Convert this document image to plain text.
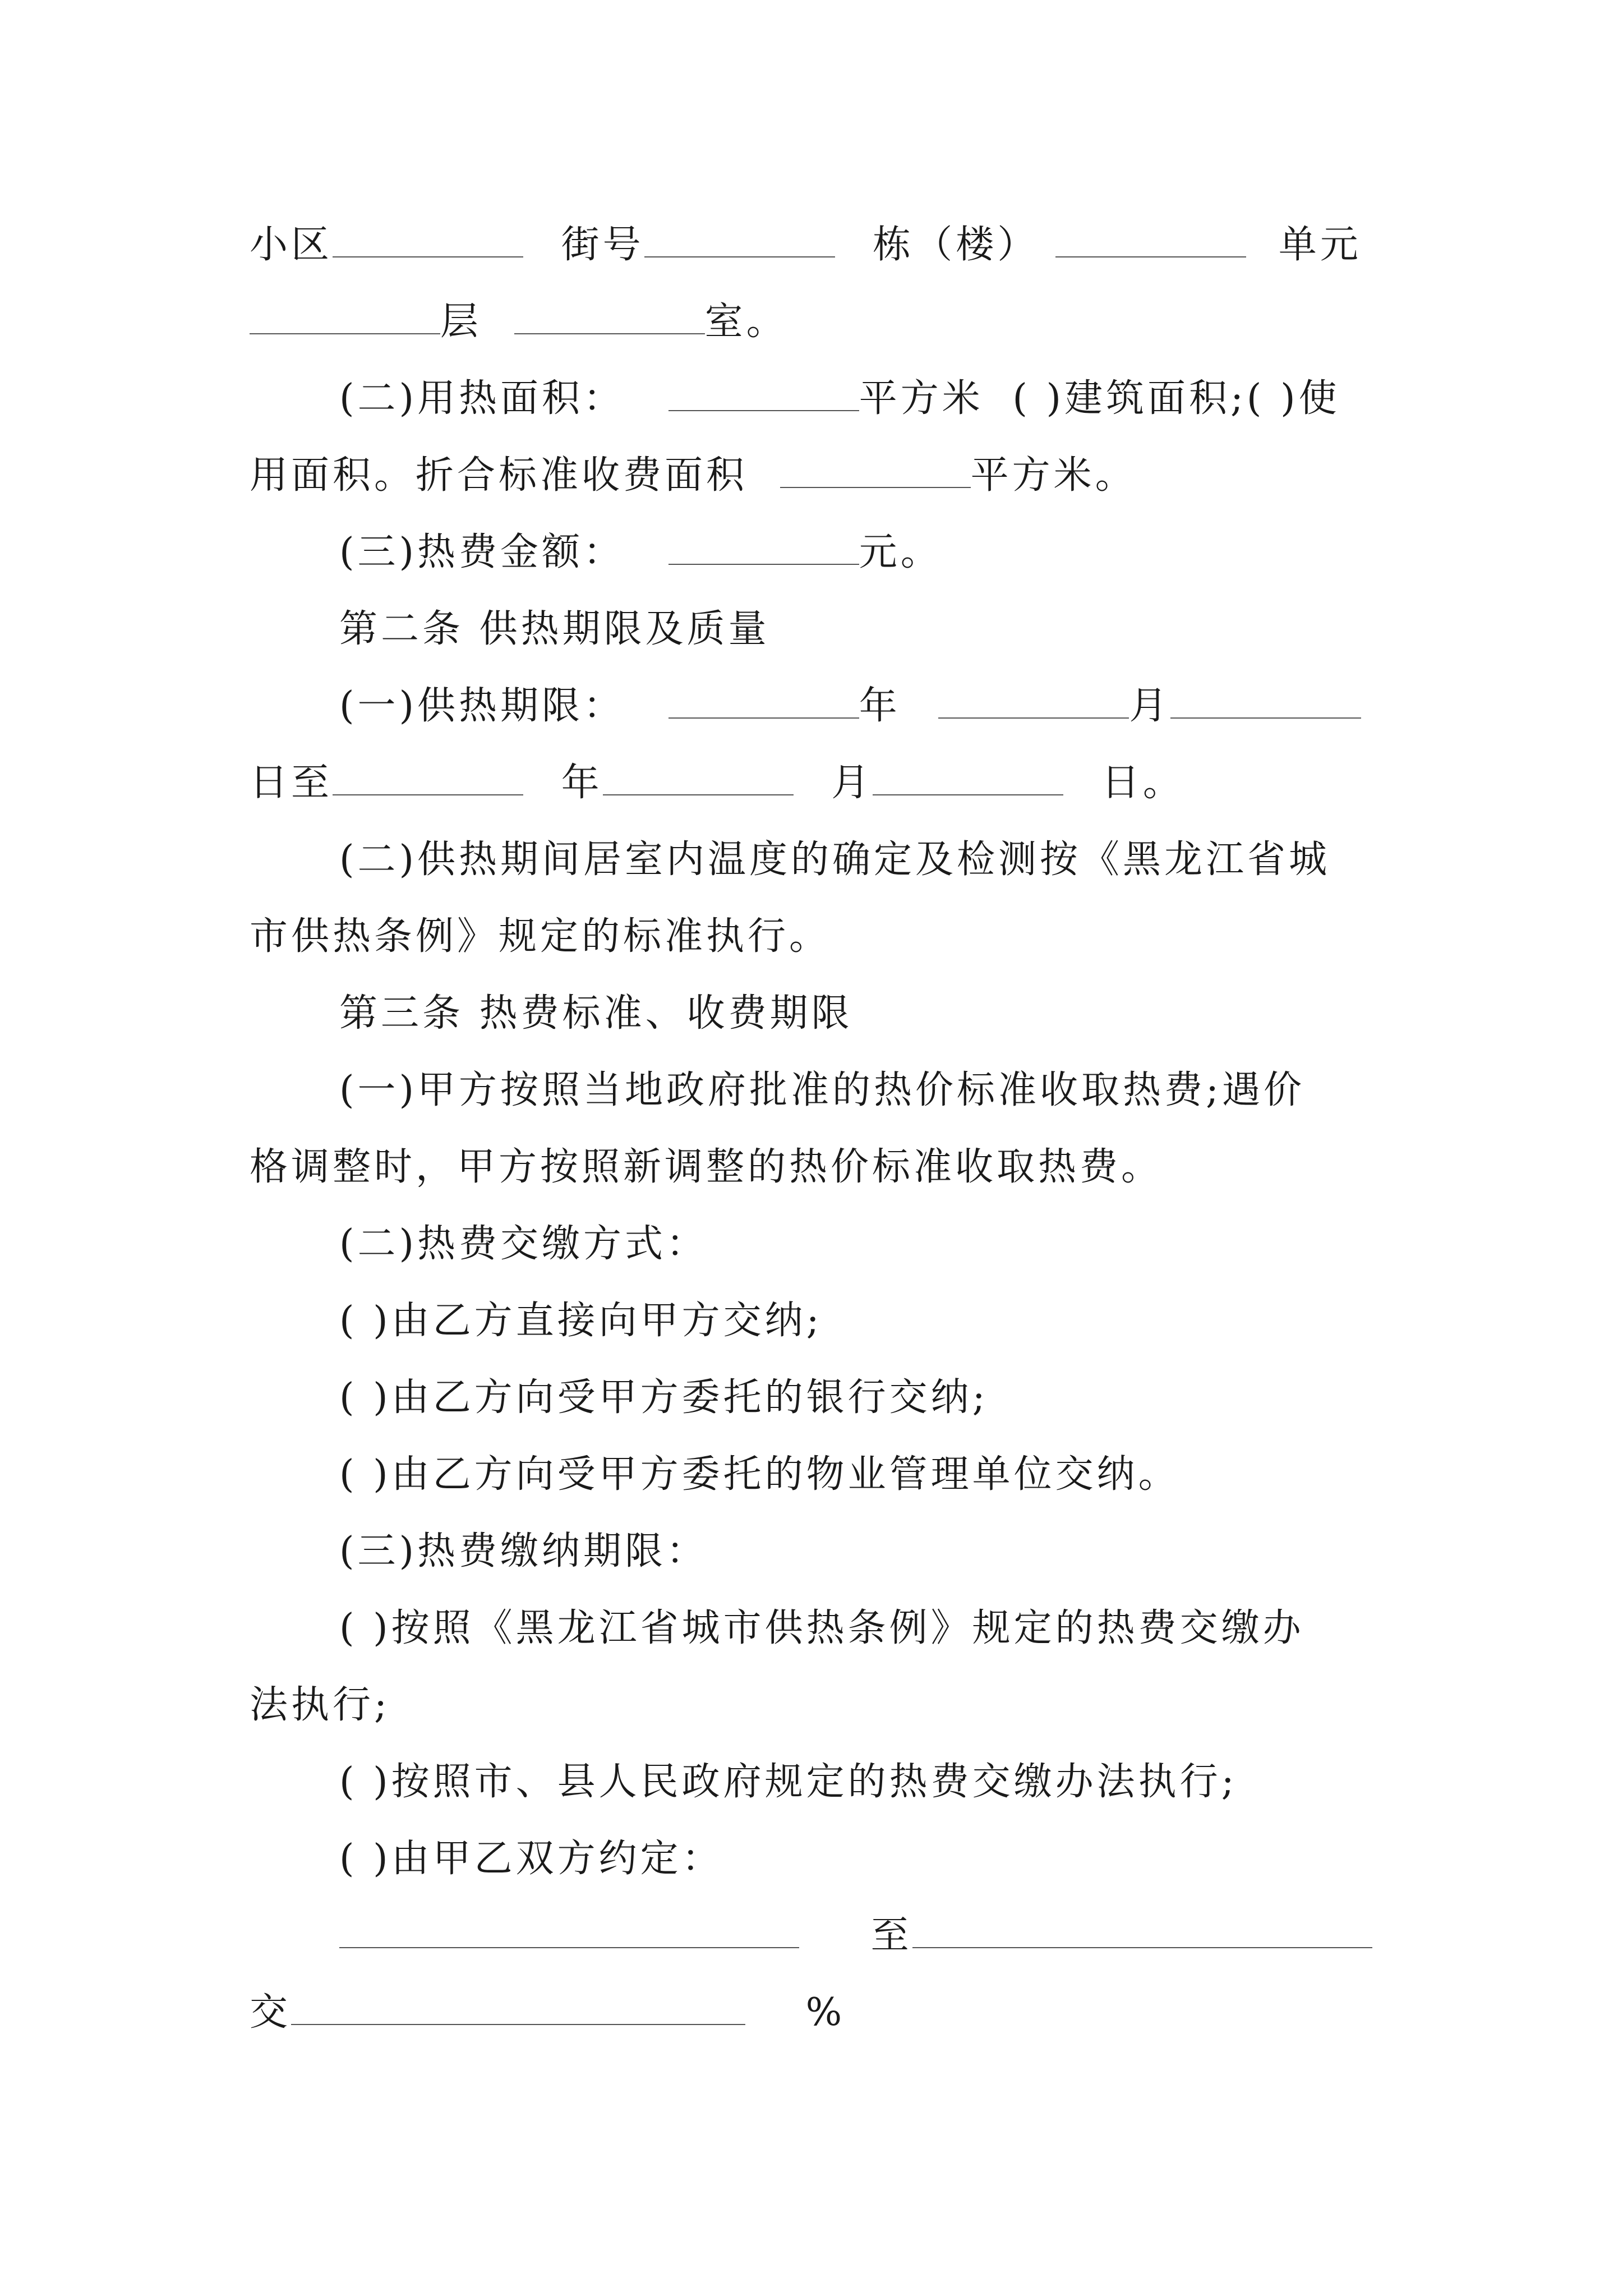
小区	街号	栋（楼）	单元
层	室。
(二)用热面积：	平方米 ( )建筑面积;( )使
用面积。折合标准收费面积	平方米。
(三)热费金额：	元。
第二条 供热期限及质量
(一)供热期限：	年	月
日至	年	月	日。
(二)供热期间居室内温度的确定及检测按《黑龙江省城
市供热条例》规定的标准执行。
第三条 热费标准、收费期限
(一)甲方按照当地政府批准的热价标准收取热费;遇价
格调整时，甲方按照新调整的热价标准收取热费。
(二)热费交缴方式：
( )由乙方直接向甲方交纳;
( )由乙方向受甲方委托的银行交纳;
( )由乙方向受甲方委托的物业管理单位交纳。
(三)热费缴纳期限：
( )按照《黑龙江省城市供热条例》规定的热费交缴办
法执行;
( )按照市、县人民政府规定的热费交缴办法执行;
( )由甲乙双方约定：
至
交	%
